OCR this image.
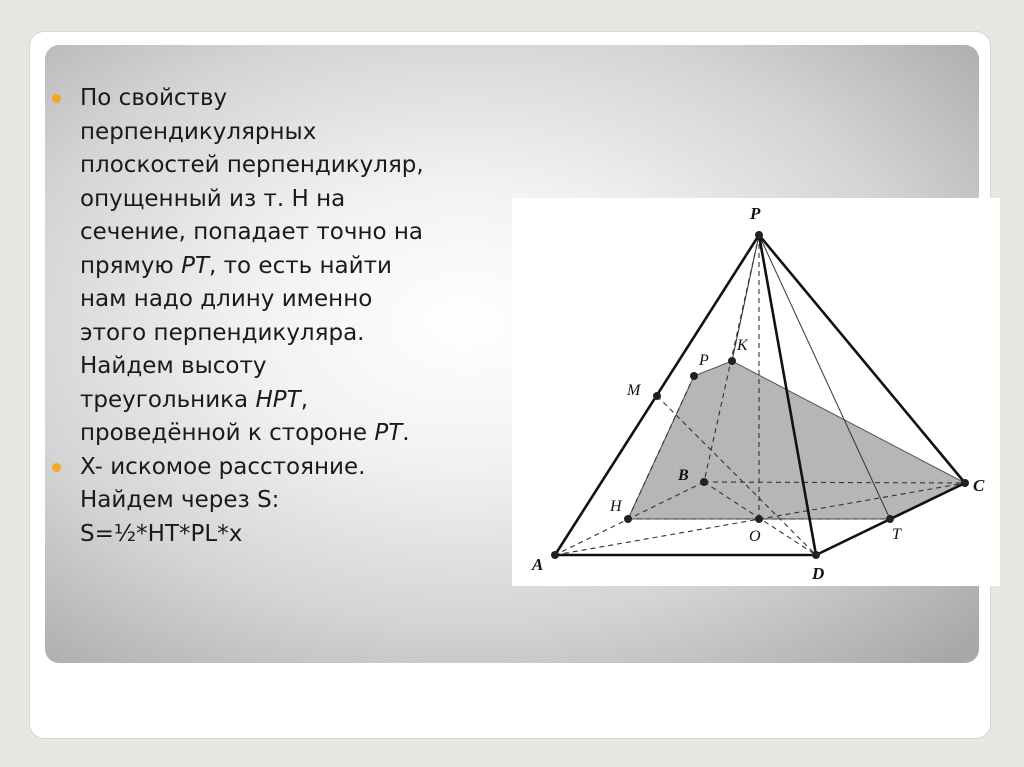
По свойству
перпендикулярных
плоскостей перпендикуляр,
опущенный из т. Н на
сечение, попадает точно на
прямую PT, то есть найти
нам надо длину именно
этого перпендикуляра.
Найдем высоту
треугольника HPT,
проведённой к стороне PT.
X- искомое расстояние.
Найдем через S:
S=½*HT*PL*x
P
K
P
M
B
C
H
O	T
A	D
